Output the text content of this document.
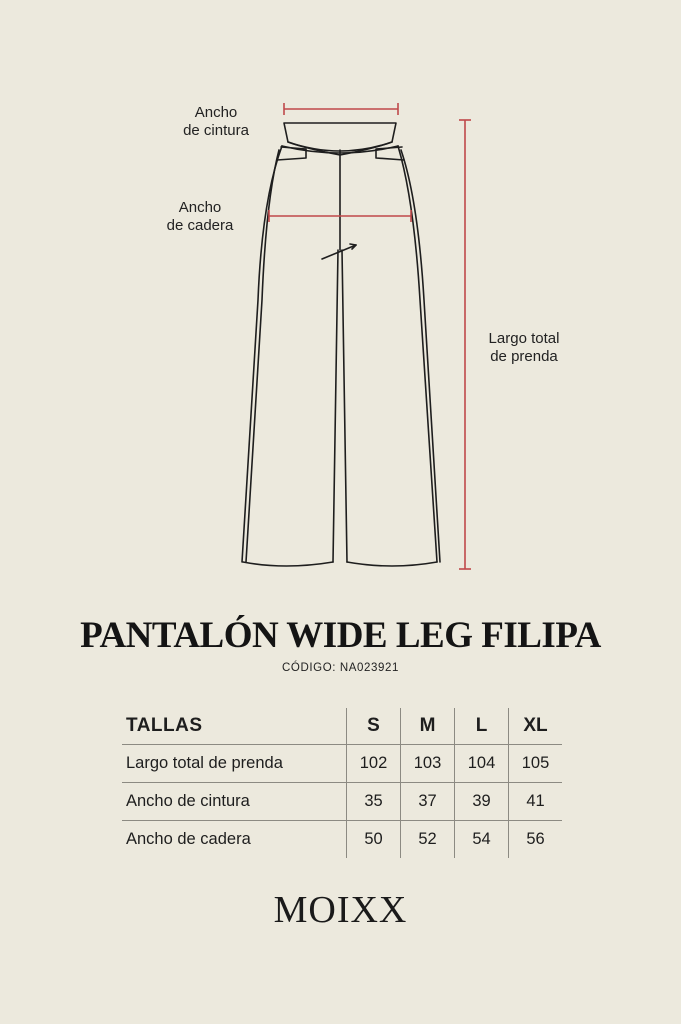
Ancho
de cintura
Ancho
de cadera
Largo total
de prenda
PANTALÓN WIDE LEG FILIPA
CÓDIGO: NA023921
TALLAS	S	M	L	XL
Largo total de prenda	102	103	104	105
Ancho de cintura	35	37	39	41
Ancho de cadera	50	52	54	56
MOIXX
